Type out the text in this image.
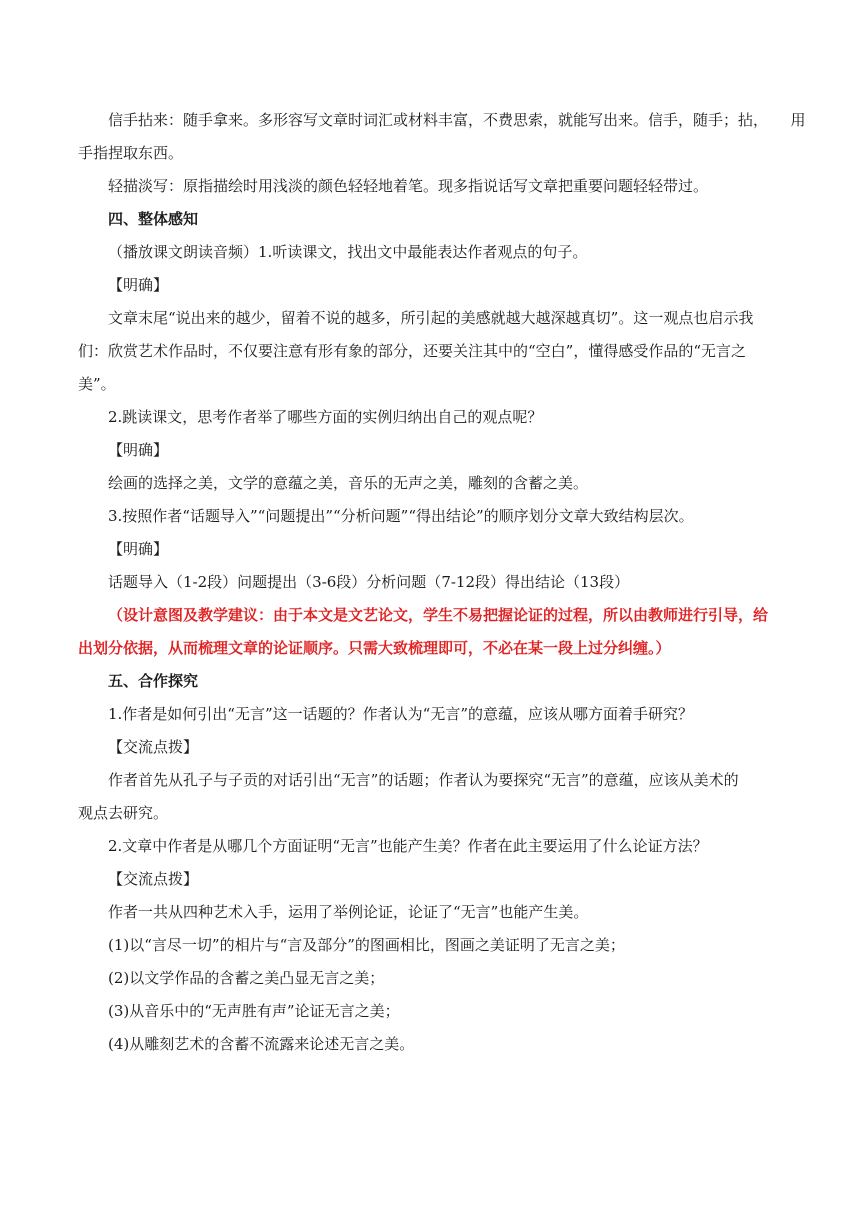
信手拈来：随手拿来。多形容写文章时词汇或材料丰富，不费思索，就能写出来。信手，随手；拈，　　用
手指捏取东西。
轻描淡写：原指描绘时用浅淡的颜色轻轻地着笔。现多指说话写文章把重要问题轻轻带过。
四、整体感知
（播放课文朗读音频）1.听读课文，找出文中最能表达作者观点的句子。
【明确】
文章末尾“说出来的越少，留着不说的越多，所引起的美感就越大越深越真切”。这一观点也启示我
们：欣赏艺术作品时，不仅要注意有形有象的部分，还要关注其中的“空白”，懂得感受作品的“无言之
美”。
2.跳读课文，思考作者举了哪些方面的实例归纳出自己的观点呢？
【明确】
绘画的选择之美，文学的意蕴之美，音乐的无声之美，雕刻的含蓄之美。
3.按照作者“话题导入”“问题提出”“分析问题”“得出结论”的顺序划分文章大致结构层次。
【明确】
话题导入（1-2段）问题提出（3-6段）分析问题（7-12段）得出结论（13段）
（设计意图及教学建议：由于本文是文艺论文，学生不易把握论证的过程，所以由教师进行引导，给
出划分依据，从而梳理文章的论证顺序。只需大致梳理即可，不必在某一段上过分纠缠。）
五、合作探究
1.作者是如何引出“无言”这一话题的？作者认为“无言”的意蕴，应该从哪方面着手研究？
【交流点拨】
作者首先从孔子与子贡的对话引出“无言”的话题；作者认为要探究“无言”的意蕴，应该从美术的
观点去研究。
2.文章中作者是从哪几个方面证明“无言”也能产生美？作者在此主要运用了什么论证方法？
【交流点拨】
作者一共从四种艺术入手，运用了举例论证，论证了“无言”也能产生美。
(1)以“言尽一切”的相片与“言及部分”的图画相比，图画之美证明了无言之美；
(2)以文学作品的含蓄之美凸显无言之美；
(3)从音乐中的“无声胜有声”论证无言之美；
(4)从雕刻艺术的含蓄不流露来论述无言之美。
